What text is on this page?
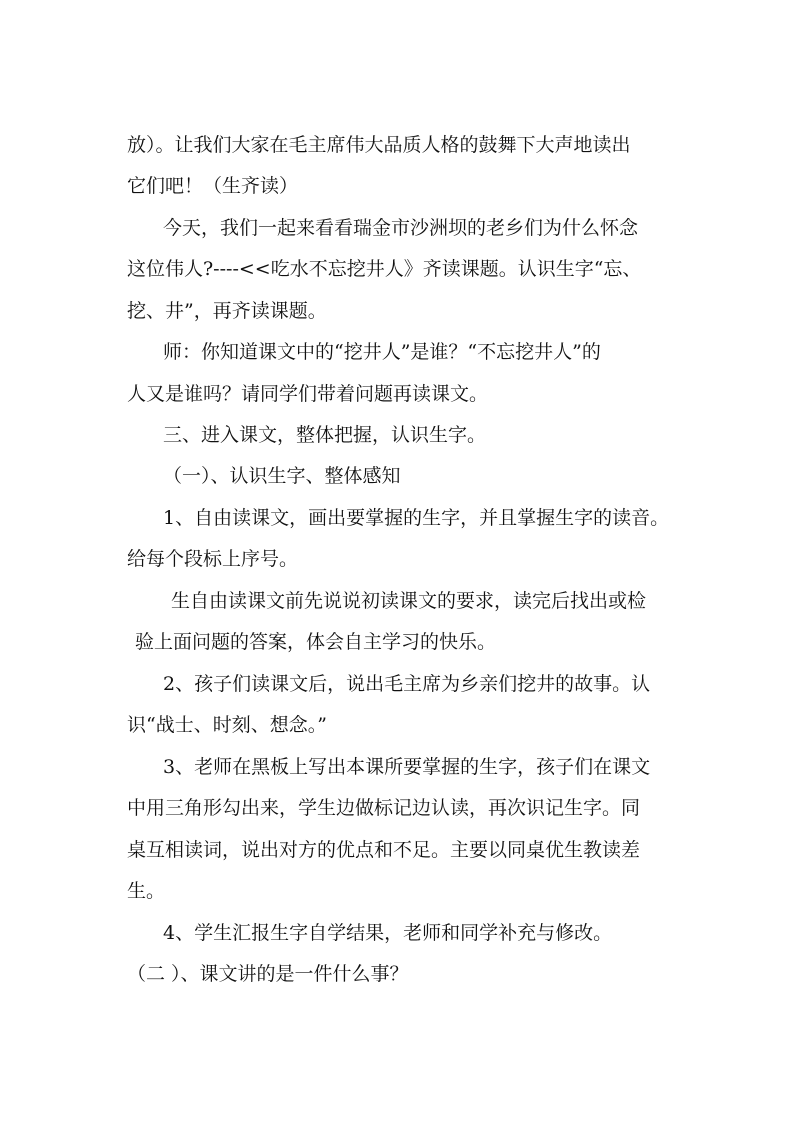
放）。让我们大家在毛主席伟大品质人格的鼓舞下大声地读出
它们吧！（生齐读）
今天，我们一起来看看瑞金市沙洲坝的老乡们为什么怀念
这位伟人?----<<吃水不忘挖井人》齐读课题。认识生字“忘、
挖、井”，再齐读课题。
师：你知道课文中的“挖井人”是谁？“不忘挖井人”的
人又是谁吗？请同学们带着问题再读课文。
三、进入课文，整体把握，认识生字。
（一）、认识生字、整体感知
1、自由读课文，画出要掌握的生字，并且掌握生字的读音。
给每个段标上序号。
生自由读课文前先说说初读课文的要求，读完后找出或检
验上面问题的答案，体会自主学习的快乐。
2、孩子们读课文后，说出毛主席为乡亲们挖井的故事。认
识“战士、时刻、想念。”
3、老师在黑板上写出本课所要掌握的生字，孩子们在课文
中用三角形勾出来，学生边做标记边认读，再次识记生字。同
桌互相读词，说出对方的优点和不足。主要以同桌优生教读差
生。
4、学生汇报生字自学结果，老师和同学补充与修改。
（二 ）、课文讲的是一件什么事？
